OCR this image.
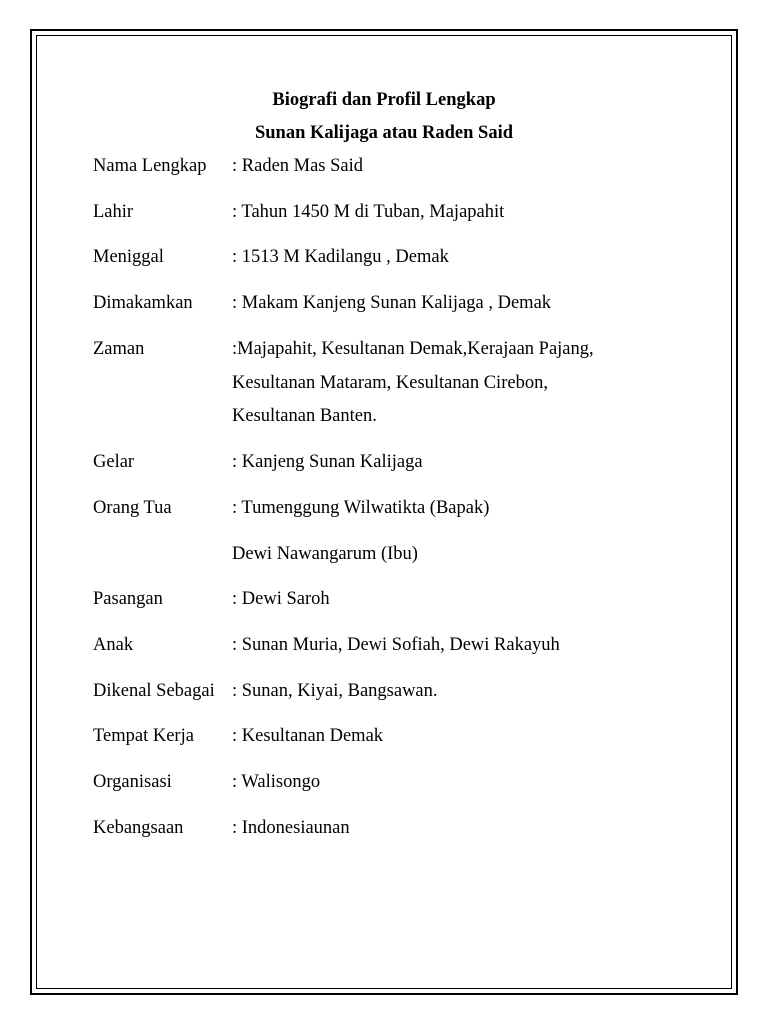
Biografi dan Profil Lengkap
Sunan Kalijaga atau Raden Said
Nama Lengkap : Raden Mas Said
Lahir	: Tahun 1450 M di Tuban, Majapahit
Meniggal	: 1513 M Kadilangu , Demak
Dimakamkan : Makam Kanjeng Sunan Kalijaga , Demak
Zaman	:Majapahit, Kesultanan Demak,Kerajaan Pajang,
Kesultanan Mataram, Kesultanan Cirebon,
Kesultanan Banten.
Gelar	: Kanjeng Sunan Kalijaga
Orang Tua	: Tumenggung Wilwatikta (Bapak)
Dewi Nawangarum (Ibu)
Pasangan	: Dewi Saroh
Anak	: Sunan Muria, Dewi Sofiah, Dewi Rakayuh
Dikenal Sebagai : Sunan, Kiyai, Bangsawan.
Tempat Kerja : Kesultanan Demak
Organisasi	: Walisongo
Kebangsaan	: Indonesiaunan
